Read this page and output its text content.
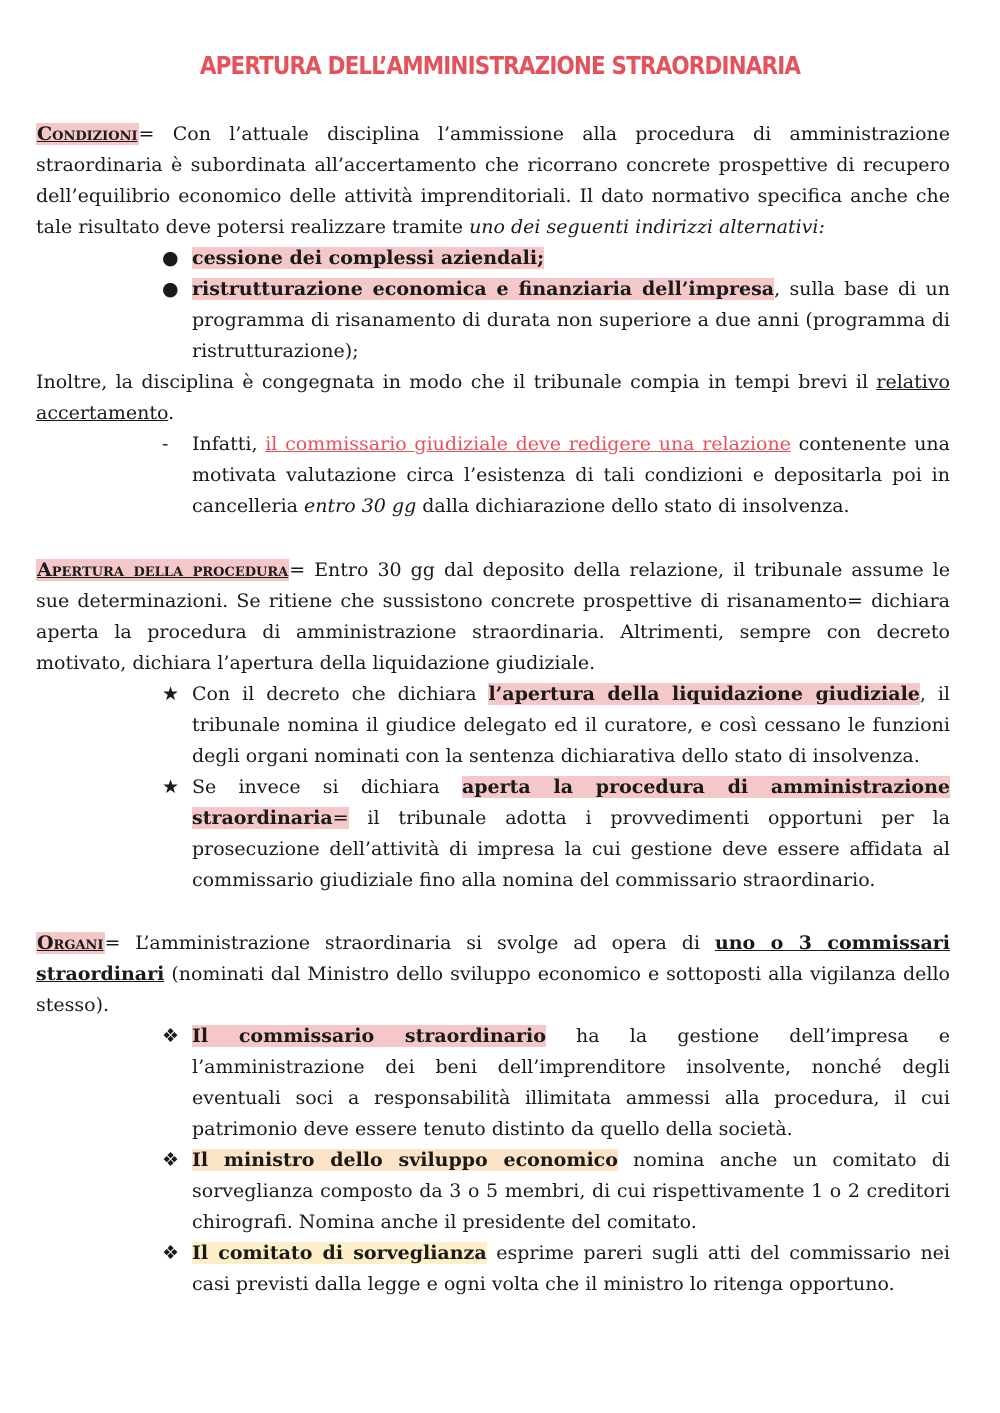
APERTURA DELL’AMMINISTRAZIONE STRAORDINARIA

Condizioni= Con l’attuale disciplina l’ammissione alla procedura di amministrazione straordinaria è subordinata all’accertamento che ricorrano concrete prospettive di recupero dell’equilibrio economico delle attività imprenditoriali. Il dato normativo specifica anche che tale risultato deve potersi realizzare tramite uno dei seguenti indirizzi alternativi:

● cessione dei complessi aziendali;
● ristrutturazione economica e finanziaria dell’impresa, sulla base di un programma di risanamento di durata non superiore a due anni (programma di ristrutturazione);

Inoltre, la disciplina è congegnata in modo che il tribunale compia in tempi brevi il relativo accertamento.

-	Infatti, il commissario giudiziale deve redigere una relazione contenente una motivata valutazione circa l’esistenza di tali condizioni e depositarla poi in cancelleria entro 30 gg dalla dichiarazione dello stato di insolvenza.

Apertura della procedura= Entro 30 gg dal deposito della relazione, il tribunale assume le sue determinazioni. Se ritiene che sussistono concrete prospettive di risanamento= dichiara aperta la procedura di amministrazione straordinaria. Altrimenti, sempre con decreto motivato, dichiara l’apertura della liquidazione giudiziale.

★ Con il decreto che dichiara l’apertura della liquidazione giudiziale, il tribunale nomina il giudice delegato ed il curatore, e così cessano le funzioni degli organi nominati con la sentenza dichiarativa dello stato di insolvenza.
★ Se invece si dichiara aperta la procedura di amministrazione straordinaria= il tribunale adotta i provvedimenti opportuni per la prosecuzione dell’attività di impresa la cui gestione deve essere affidata al commissario giudiziale fino alla nomina del commissario straordinario.

Organi= L’amministrazione straordinaria si svolge ad opera di uno o 3 commissari straordinari (nominati dal Ministro dello sviluppo economico e sottoposti alla vigilanza dello stesso).

❖ Il commissario straordinario ha la gestione dell’impresa e l’amministrazione dei beni dell’imprenditore insolvente, nonché degli eventuali soci a responsabilità illimitata ammessi alla procedura, il cui patrimonio deve essere tenuto distinto da quello della società.
❖ Il ministro dello sviluppo economico nomina anche un comitato di sorveglianza composto da 3 o 5 membri, di cui rispettivamente 1 o 2 creditori chirografi. Nomina anche il presidente del comitato.
❖ Il comitato di sorveglianza esprime pareri sugli atti del commissario nei casi previsti dalla legge e ogni volta che il ministro lo ritenga opportuno.
